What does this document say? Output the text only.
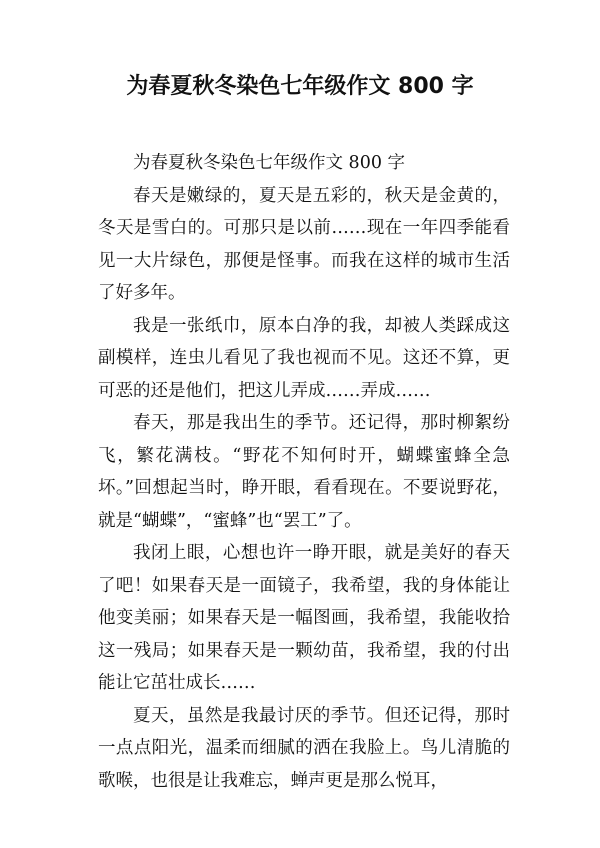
为春夏秋冬染色七年级作文 800 字

为春夏秋冬染色七年级作文 800 字

春天是嫩绿的，夏天是五彩的，秋天是金黄的，冬天是雪白的。可那只是以前……现在一年四季能看见一大片绿色，那便是怪事。而我在这样的城市生活了好多年。

我是一张纸巾，原本白净的我，却被人类踩成这副模样，连虫儿看见了我也视而不见。这还不算，更可恶的还是他们，把这儿弄成……弄成……

春天，那是我出生的季节。还记得，那时柳絮纷飞，繁花满枝。“野花不知何时开，蝴蝶蜜蜂全急坏。”回想起当时，睁开眼，看看现在。不要说野花，就是“蝴蝶”，“蜜蜂”也“罢工”了。

我闭上眼，心想也许一睁开眼，就是美好的春天了吧！如果春天是一面镜子，我希望，我的身体能让他变美丽；如果春天是一幅图画，我希望，我能收拾这一残局；如果春天是一颗幼苗，我希望，我的付出能让它茁壮成长……

夏天，虽然是我最讨厌的季节。但还记得，那时一点点阳光，温柔而细腻的洒在我脸上。鸟儿清脆的歌喉，也很是让我难忘，蝉声更是那么悦耳，
